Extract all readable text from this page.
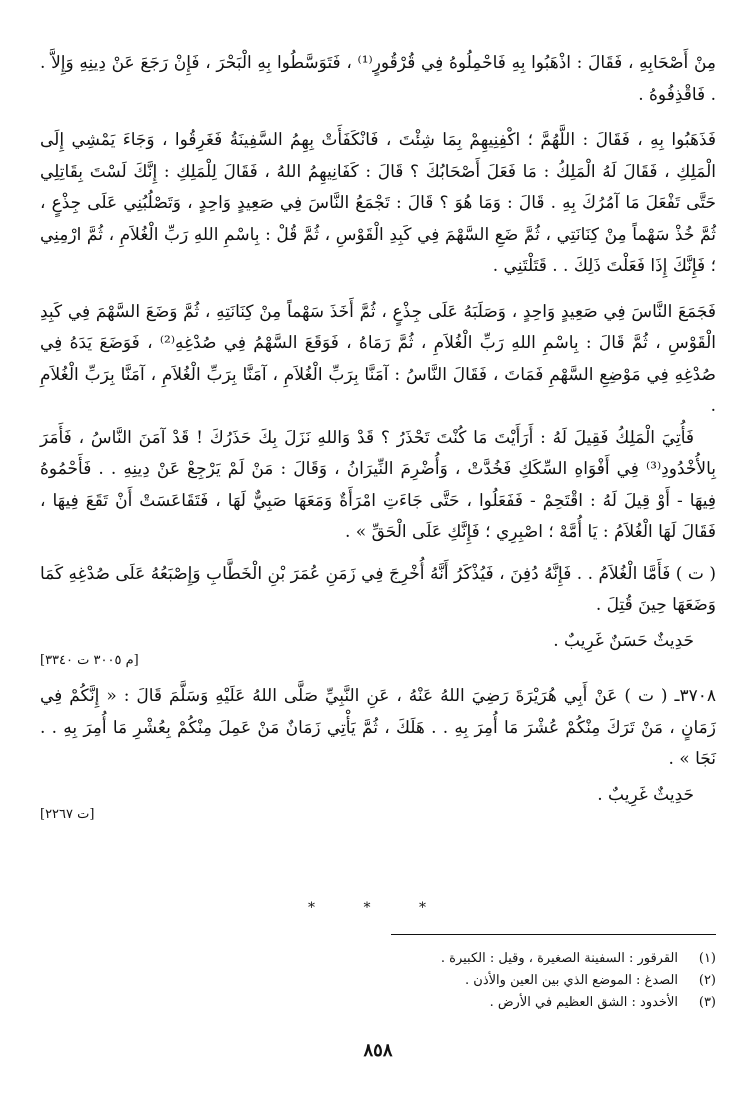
مِنْ أَصْحَابِهِ ، فَقَالَ : اذْهَبُوا بِهِ فَاحْمِلُوهُ فِي قُرْقُورٍ⁽¹⁾ ، فَتَوَسَّطُوا بِهِ الْبَحْرَ ، فَإِنْ رَجَعَ عَنْ دِينِهِ وَإِلاَّ . . فَاقْذِفُوهُ .

فَذَهَبُوا بِهِ ، فَقَالَ : اللَّهُمَّ ؛ اكْفِنِيهِمْ بِمَا شِئْتَ ، فَانْكَفَأَتْ بِهِمُ السَّفِينَةُ فَغَرِقُوا ، وَجَاءَ يَمْشِي إِلَى الْمَلِكِ ، فَقَالَ لَهُ الْمَلِكُ : مَا فَعَلَ أَصْحَابُكَ ؟ قَالَ : كَفَانِيهِمُ اللهُ ، فَقَالَ لِلْمَلِكِ : إِنَّكَ لَسْتَ بِقَاتِلِي حَتَّى تَفْعَلَ مَا آمُرُكَ بِهِ . قَالَ : وَمَا هُوَ ؟ قَالَ : تَجْمَعُ النَّاسَ فِي صَعِيدٍ وَاحِدٍ ، وَتَصْلُبُنِي عَلَى جِذْعٍ ، ثُمَّ خُذْ سَهْماً مِنْ كِنَانَتِي ، ثُمَّ ضَعِ السَّهْمَ فِي كَبِدِ الْقَوْسِ ، ثُمَّ قُلْ : بِاسْمِ اللهِ رَبِّ الْغُلاَمِ ، ثُمَّ ارْمِنِي ؛ فَإِنَّكَ إِذَا فَعَلْتَ ذَلِكَ . . قَتَلْتَنِي .

فَجَمَعَ النَّاسَ فِي صَعِيدٍ وَاحِدٍ ، وَصَلَبَهُ عَلَى جِذْعٍ ، ثُمَّ أَخَذَ سَهْماً مِنْ كِنَانَتِهِ ، ثُمَّ وَضَعَ السَّهْمَ فِي كَبِدِ الْقَوْسِ ، ثُمَّ قَالَ : بِاسْمِ اللهِ رَبِّ الْغُلاَمِ ، ثُمَّ رَمَاهُ ، فَوَقَعَ السَّهْمُ فِي صُدْغِهِ⁽²⁾ ، فَوَضَعَ يَدَهُ فِي صُدْغِهِ فِي مَوْضِعِ السَّهْمِ فَمَاتَ ، فَقَالَ النَّاسُ : آمَنَّا بِرَبِّ الْغُلاَمِ ، آمَنَّا بِرَبِّ الْغُلاَمِ ، آمَنَّا بِرَبِّ الْغُلاَمِ .

فَأُتِيَ الْمَلِكُ فَقِيلَ لَهُ : أَرَأَيْتَ مَا كُنْتَ تَحْذَرُ ؟ قَدْ وَاللهِ نَزَلَ بِكَ حَذَرُكَ ! قَدْ آمَنَ النَّاسُ ، فَأَمَرَ بِالأُخْدُودِ⁽³⁾ فِي أَفْوَاهِ السِّكَكِ فَخُدَّتْ ، وَأُضْرِمَ النِّيرَانُ ، وَقَالَ : مَنْ لَمْ يَرْجِعْ عَنْ دِينِهِ . . فَأَحْمُوهُ فِيهَا - أَوْ قِيلَ لَهُ : اقْتَحِمْ - فَفَعَلُوا ، حَتَّى جَاءَتِ امْرَأَةٌ وَمَعَهَا صَبِيٌّ لَهَا ، فَتَقَاعَسَتْ أَنْ تَقَعَ فِيهَا ، فَقَالَ لَهَا الْغُلاَمُ : يَا أُمَّهْ ؛ اصْبِرِي ؛ فَإِنَّكِ عَلَى الْحَقِّ » .

( ت ) فَأَمَّا الْغُلاَمُ . . فَإِنَّهُ دُفِنَ ، فَيُذْكَرُ أَنَّهُ أُخْرِجَ فِي زَمَنِ عُمَرَ بْنِ الْخَطَّابِ وَإِصْبَعُهُ عَلَى صُدْغِهِ كَمَا وَضَعَهَا حِينَ قُتِلَ .

حَدِيثٌ حَسَنٌ غَرِيبٌ .

[م ٣٠٠٥ ت ٣٣٤٠]

٣٧٠٨ـ ( ت ) عَنْ أَبِي هُرَيْرَةَ رَضِيَ اللهُ عَنْهُ ، عَنِ النَّبِيِّ صَلَّى اللهُ عَلَيْهِ وَسَلَّمَ قَالَ : « إِنَّكُمْ فِي زَمَانٍ ، مَنْ تَرَكَ مِنْكُمْ عُشْرَ مَا أُمِرَ بِهِ . . هَلَكَ ، ثُمَّ يَأْتِي زَمَانٌ مَنْ عَمِلَ مِنْكُمْ بِعُشْرِ مَا أُمِرَ بِهِ . . نَجَا » .

حَدِيثٌ غَرِيبٌ .

[ت ٢٢٦٧]
* * *
(١)
القرقور : السفينة الصغيرة ، وقيل : الكبيرة .
(٢)
الصدغ : الموضع الذي بين العين والأذن .
(٣)
الأخدود : الشق العظيم في الأرض .
٨٥٨
